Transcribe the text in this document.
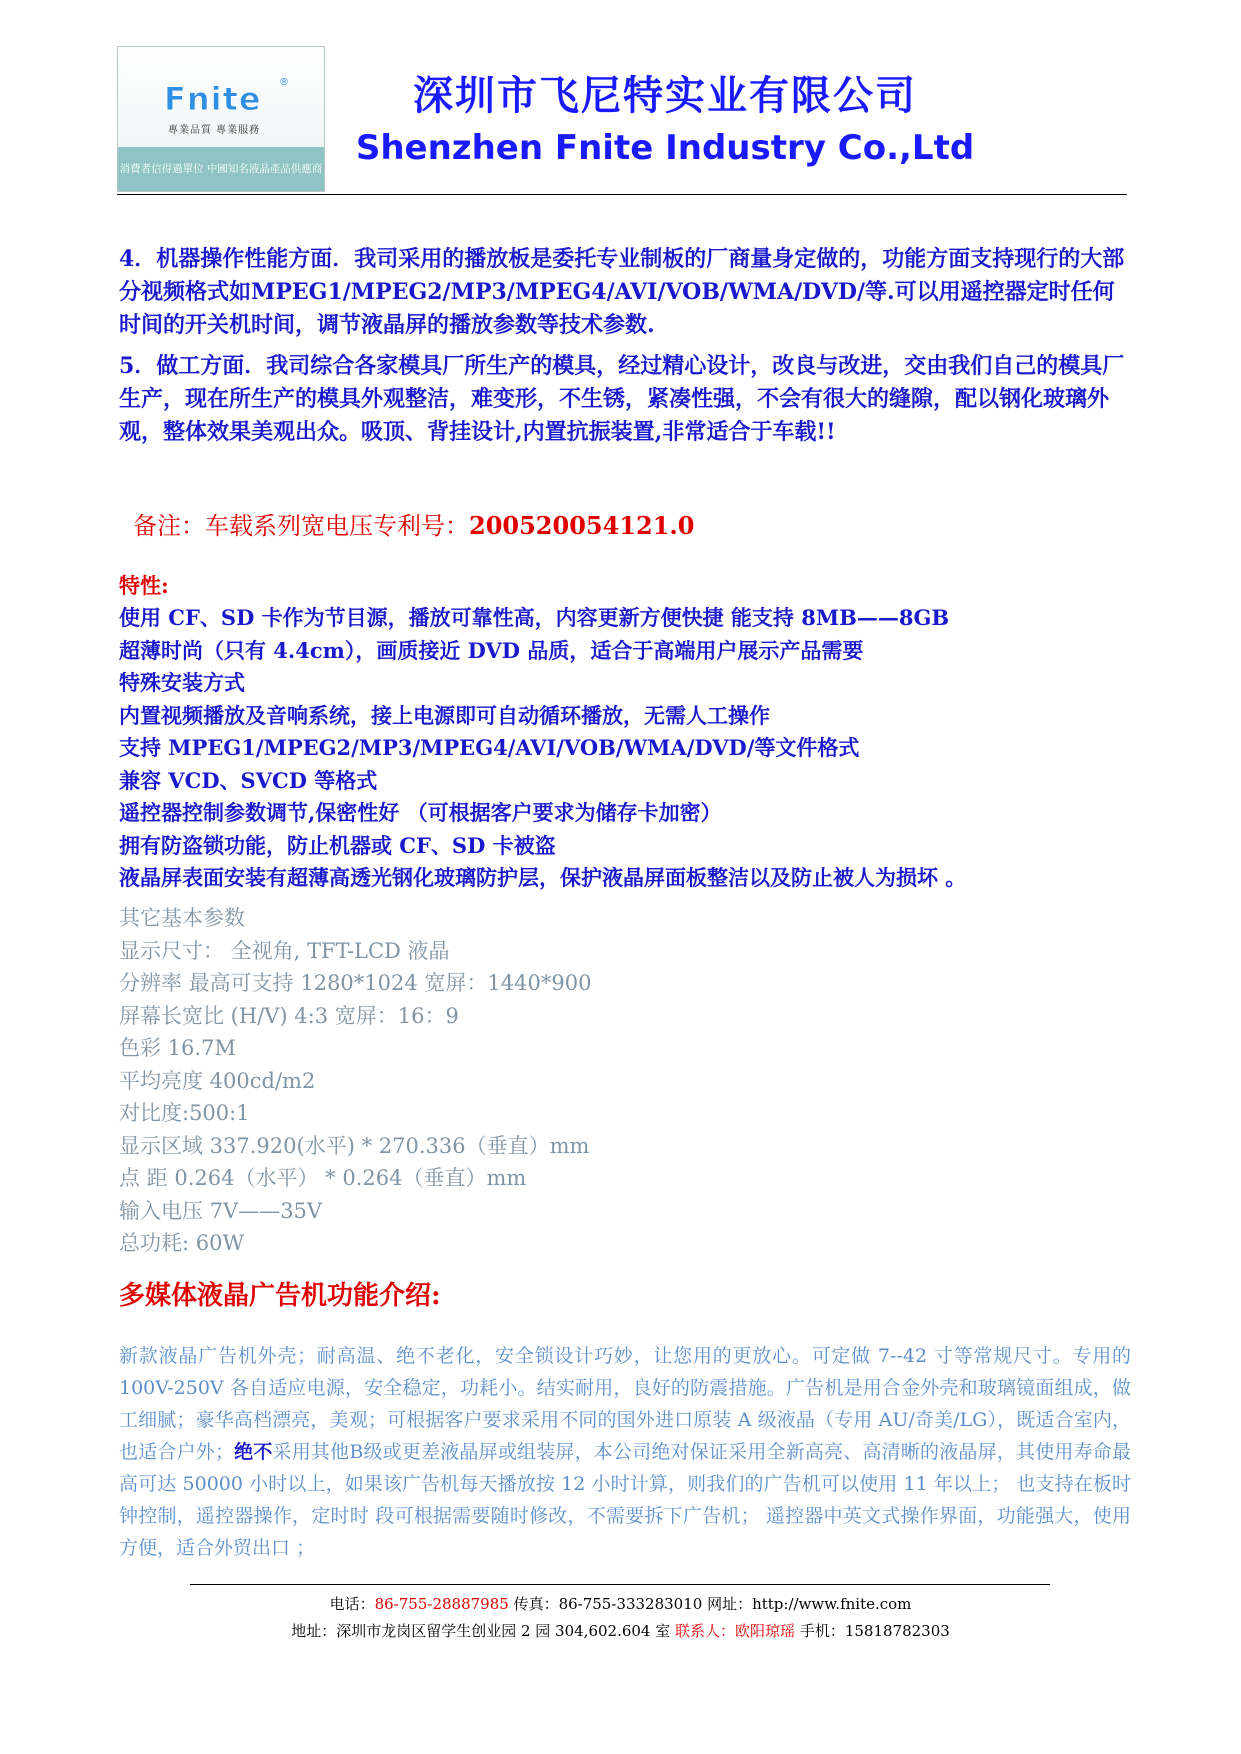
Fnite ®
專業品質 專業服務
消費者信得過單位 中國知名液晶產品供應商
深圳市飞尼特实业有限公司
Shenzhen Fnite Industry Co.,Ltd

4．机器操作性能方面．我司采用的播放板是委托专业制板的厂商量身定做的，功能方面支持现行的大部分视频格式如MPEG1/MPEG2/MP3/MPEG4/AVI/VOB/WMA/DVD/等.可以用遥控器定时任何时间的开关机时间，调节液晶屏的播放参数等技术参数.

5．做工方面．我司综合各家模具厂所生产的模具，经过精心设计，改良与改进，交由我们自己的模具厂生产，现在所生产的模具外观整洁，难变形，不生锈，紧凑性强，不会有很大的缝隙，配以钢化玻璃外观，整体效果美观出众。吸顶、背挂设计,内置抗振装置,非常适合于车载!!

备注：车载系列宽电压专利号：200520054121.0

特性:

使用 CF、SD 卡作为节目源，播放可靠性高，内容更新方便快捷 能支持 8MB——8GB
超薄时尚（只有 4.4cm），画质接近 DVD 品质，适合于高端用户展示产品需要
特殊安装方式
内置视频播放及音响系统，接上电源即可自动循环播放，无需人工操作
支持 MPEG1/MPEG2/MP3/MPEG4/AVI/VOB/WMA/DVD/等文件格式
兼容 VCD、SVCD 等格式
遥控器控制参数调节,保密性好 （可根据客户要求为储存卡加密）
拥有防盗锁功能，防止机器或 CF、SD 卡被盗
液晶屏表面安装有超薄高透光钢化玻璃防护层，保护液晶屏面板整洁以及防止被人为损坏 。
其它基本参数
显示尺寸： 全视角, TFT-LCD 液晶
分辨率 最高可支持 1280*1024 宽屏：1440*900
屏幕长宽比 (H/V) 4:3 宽屏：16：9
色彩 16.7M
平均亮度 400cd/m2
对比度:500:1
显示区域 337.920(水平) * 270.336（垂直）mm
点 距 0.264（水平） * 0.264（垂直）mm
输入电压 7V——35V
总功耗: 60W

多媒体液晶广告机功能介绍:

新款液晶广告机外壳；耐高温、绝不老化，安全锁设计巧妙，让您用的更放心。可定做 7--42 寸等常规尺寸。专用的 100V-250V 各自适应电源，安全稳定，功耗小。结实耐用，良好的防震措施。广告机是用合金外壳和玻璃镜面组成，做工细腻；豪华高档漂亮，美观；可根据客户要求采用不同的国外进口原装 A 级液晶（专用 AU/奇美/LG），既适合室内，也适合户外；绝不采用其他B级或更差液晶屏或组装屏，本公司绝对保证采用全新高亮、高清晰的液晶屏，其使用寿命最高可达 50000 小时以上，如果该广告机每天播放按 12 小时计算，则我们的广告机可以使用 11 年以上； 也支持在板时钟控制，遥控器操作，定时时 段可根据需要随时修改，不需要拆下广告机； 遥控器中英文式操作界面，功能强大，使用方便，适合外贸出口 ；

电话：86-755-28887985 传真：86-755-333283010 网址：http://www.fnite.com
地址：深圳市龙岗区留学生创业园 2 园 304,602.604 室 联系人：欧阳琼瑶 手机：15818782303
